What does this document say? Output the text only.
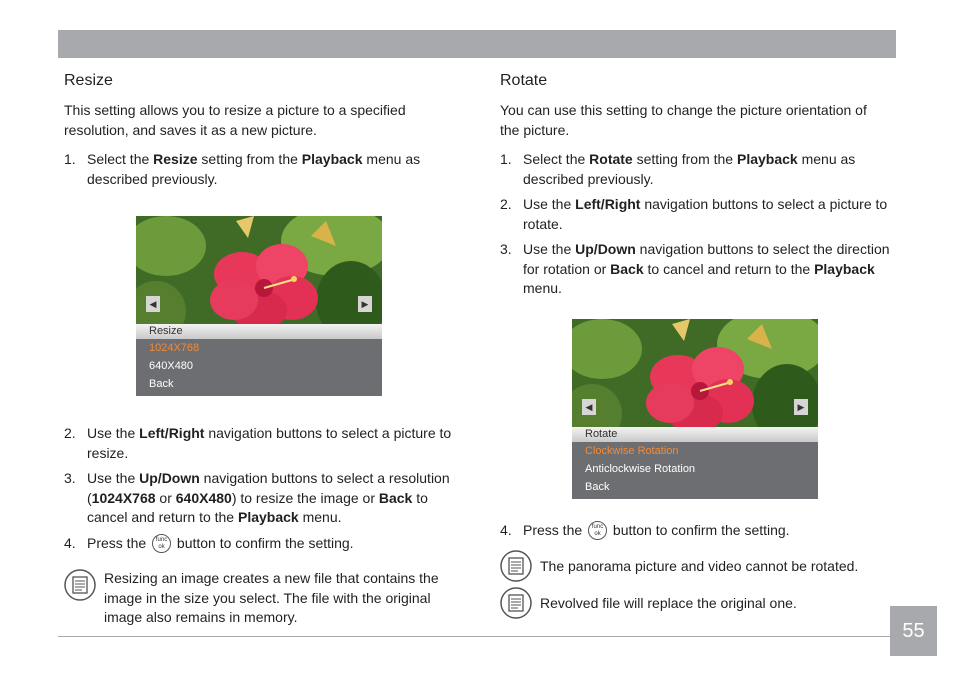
Resize

This setting allows you to resize a picture to a specified resolution, and saves it as a new picture.

1. Select the Resize setting from the Playback menu as described previously.
◀	▶
Resize
1024X768
640X480
Back
2. Use the Left/Right navigation buttons to select a picture to resize.
3. Use the Up/Down navigation buttons to select a resolution (1024X768 or 640X480) to resize the image or Back to cancel and return to the Playback menu.
4. Press the func
ok button to confirm the setting.
Resizing an image creates a new file that contains the image in the size you select. The file with the original image also remains in memory.
Rotate

You can use this setting to change the picture orientation of the picture.

1. Select the Rotate setting from the Playback menu as described previously.
2. Use the Left/Right navigation buttons to select a picture to rotate.
3. Use the Up/Down navigation buttons to select the direction for rotation or Back to cancel and return to the Playback menu.
◀	▶
Rotate
Clockwise Rotation
Anticlockwise Rotation
Back
4. Press the func
ok button to confirm the setting.
The panorama picture and video cannot be rotated.
Revolved file will replace the original one.
55
